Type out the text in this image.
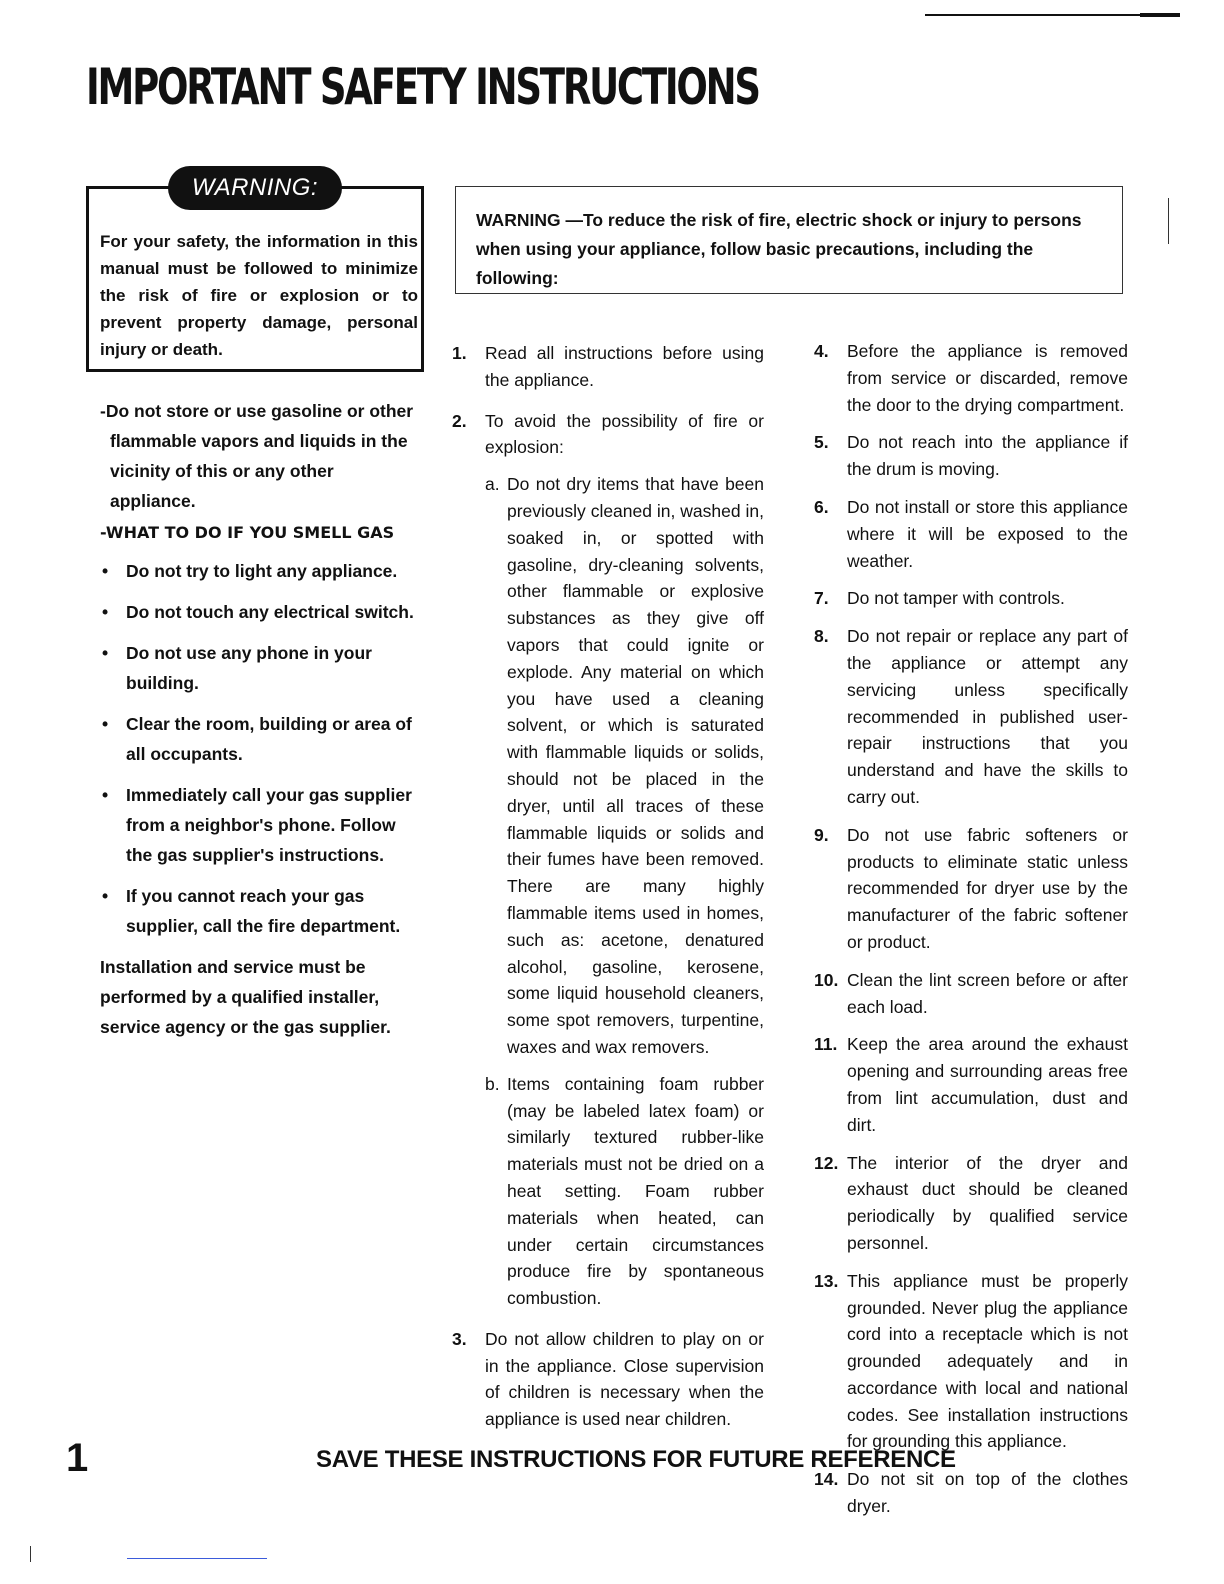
IMPORTANT SAFETY INSTRUCTIONS
WARNING:

For your safety, the information in this manual must be followed to minimize the risk of fire or explosion or to prevent property damage, personal injury or death.

WARNING —To reduce the risk of fire, electric shock or injury to persons when using your appliance, follow basic precautions, including the following:

-Do not store or use gasoline or other flammable vapors and liquids in the vicinity of this or any other appliance.

-WHAT TO DO IF YOU SMELL GAS

• Do not try to light any appliance.
• Do not touch any electrical switch.
• Do not use any phone in your building.
• Clear the room, building or area of all occupants.
• Immediately call your gas supplier from a neighbor's phone. Follow the gas supplier's instructions.
• If you cannot reach your gas supplier, call the fire department.

Installation and service must be performed by a qualified installer, service agency or the gas supplier.

1. Read all instructions before using the appliance.
2. To avoid the possibility of fire or explosion:
a. Do not dry items that have been previously cleaned in, washed in, soaked in, or spotted with gasoline, dry-cleaning solvents, other flammable or explosive substances as they give off vapors that could ignite or explode. Any material on which you have used a cleaning solvent, or which is saturated with flammable liquids or solids, should not be placed in the dryer, until all traces of these flammable liquids or solids and their fumes have been removed. There are many highly flammable items used in homes, such as: acetone, denatured alcohol, gasoline, kerosene, some liquid household cleaners, some spot removers, turpentine, waxes and wax removers.
b. Items containing foam rubber (may be labeled latex foam) or similarly textured rubber-like materials must not be dried on a heat setting. Foam rubber materials when heated, can under certain circumstances produce fire by spontaneous combustion.
3. Do not allow children to play on or in the appliance. Close supervision of children is necessary when the appliance is used near children.
4. Before the appliance is removed from service or discarded, remove the door to the drying compartment.
5. Do not reach into the appliance if the drum is moving.
6. Do not install or store this appliance where it will be exposed to the weather.
7. Do not tamper with controls.
8. Do not repair or replace any part of the appliance or attempt any servicing unless specifically recommended in published user-repair instructions that you understand and have the skills to carry out.
9. Do not use fabric softeners or products to eliminate static unless recommended for dryer use by the manufacturer of the fabric softener or product.
10. Clean the lint screen before or after each load.
11. Keep the area around the exhaust opening and surrounding areas free from lint accumulation, dust and dirt.
12. The interior of the dryer and exhaust duct should be cleaned periodically by qualified service personnel.
13. This appliance must be properly grounded. Never plug the appliance cord into a receptacle which is not grounded adequately and in accordance with local and national codes. See installation instructions for grounding this appliance.
14. Do not sit on top of the clothes dryer.

1	SAVE THESE INSTRUCTIONS FOR FUTURE REFERENCE
